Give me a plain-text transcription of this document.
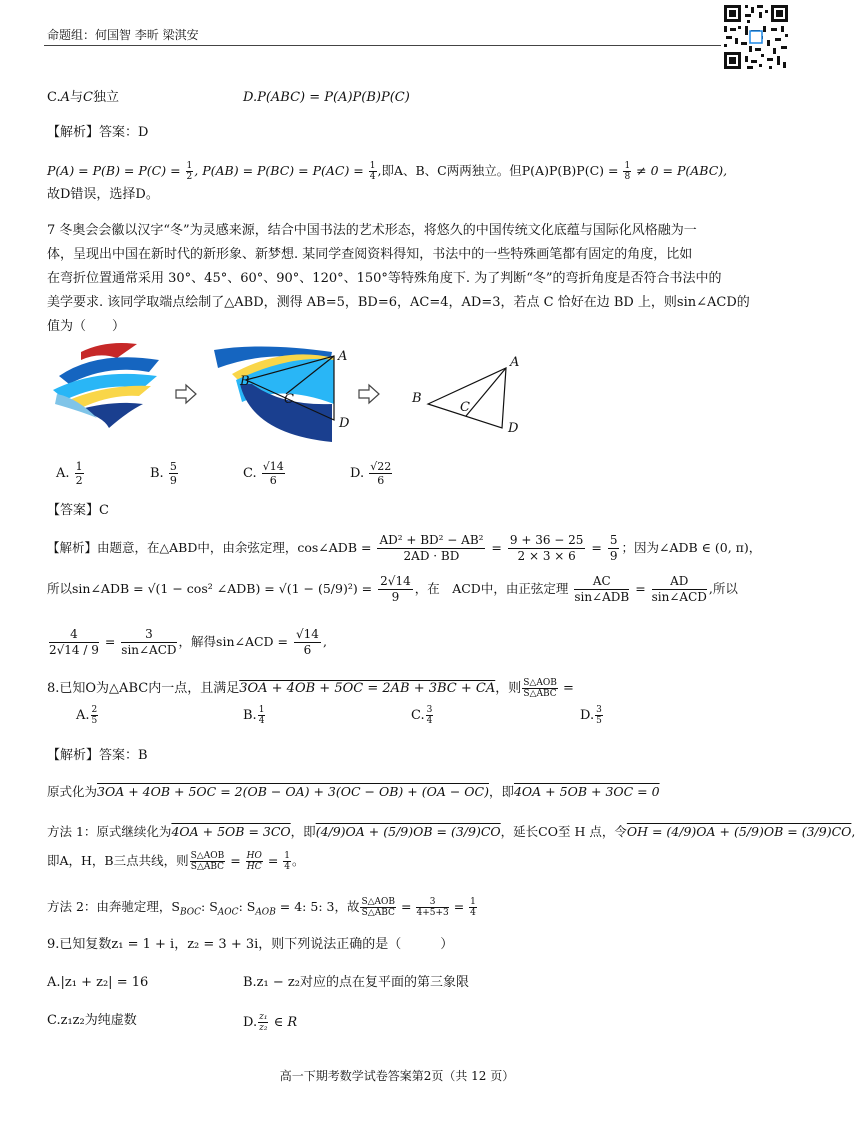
命题组：何国智 李昕 梁淇安
C.A与C独立	D.P(ABC) = P(A)P(B)P(C)
【解析】答案：D
$P(A) = P(B) = P(C) = \frac{1}{2}$ , $P(AB) = P(BC) = P(AC) = \frac{1}{4}$ ,即A、B、C两两独立。但$P(A)P(B)P(C) = \frac{1}{8} \ne 0 = P(ABC)$,
故D错误，选择D。
7 冬奥会会徽以汉字“冬”为灵感来源，结合中国书法的艺术形态，将悠久的中国传统文化底蕴与国际化风格融为一
体，呈现出中国在新时代的新形象、新梦想. 某同学查阅资料得知，书法中的一些特殊画笔都有固定的角度，比如
在弯折位置通常采用 30°、45°、60°、90°、120°、150°等特殊角度下. 为了判断“冬”的弯折角度是否符合书法中的
美学要求. 该同学取端点绘制了△ABD，测得 AB=5，BD=6，AC=4，AD=3，若点 C 恰好在边 BD 上，则sin∠ACD的
值为（　　）
A
B
C
D
A
B
C
D
A. $\frac{1}{2}$	B. $\frac{5}{9}$	C. $\frac{√14}{6}$	D. $\frac{√22}{6}$
【答案】C
【解析】由题意，在△ABD中，由余弦定理，cos∠ADB = $\frac{\text{AD² + BD² − AB²}}{2AD \cdot BD} = \frac{9 + 36 - 25}{2 \times 3 \times 6} = \frac{5}{9}$ ；因为∠ADB ∈ (0, π)，
所以sin∠ADB = √(1 − cos² ∠ADB) = $√(1 - (5/9)^2) = \frac{2√14}{9}$ ，在　ACD中，由正弦定理	AC
sin∠ADB
=	AD
sin∠ACD
,所以
$\frac{4}{2√14 / 9}$ =	3
sin∠ACD
，解得sin∠ACD = $\frac{√14}{6}$ ,
8.已知O为△ABC内一点，且满足3OA + 4OB + 5OC = 2AB + 3BC + CA，则 $\frac{\text{S△AOB}}{\text{S△ABC}}$ =
A. $\frac{2}{5}$	B. $\frac{1}{4}$	C. $\frac{3}{4}$	D. $\frac{3}{5}$
【解析】答案：B
原式化为3OA + 4OB + 5OC = 2(OB − OA) + 3(OC − OB) + (OA − OC)，即4OA + 5OB + 3OC = 0
方法 1：原式继续化为4OA + 5OB = 3CO，即(4/9)OA + (5/9)OB = (3/9)CO，延长CO至 H 点，令OH = (4/9)OA + (5/9)OB = (3/9)CO,
即A，H，B三点共线，则 $\frac{\text{S△AOB}}{\text{S△ABC}} = \frac{HO}{HC} = \frac{1}{4}$ 。
方法 2：由奔驰定理，$S_{BOC}$: $S_{AOC}$: $S_{AOB} = 4$: 5: 3，故 $\frac{\text{S△AOB}}{\text{S△ABC}} = \frac{3}{4+5+3} = \frac{1}{4}$
9.已知复数z₁ = 1 + i，z₂ = 3 + 3i，则下列说法正确的是（　　　）
A.|z₁ + z₂| = 16	B.z₁ − z₂对应的点在复平面的第三象限
C.z₁z₂为纯虚数	D. $\frac{\text{z₁}}{\text{z₂}}$ ∈ R
高一下期考数学试卷答案第2页（共 12 页）
